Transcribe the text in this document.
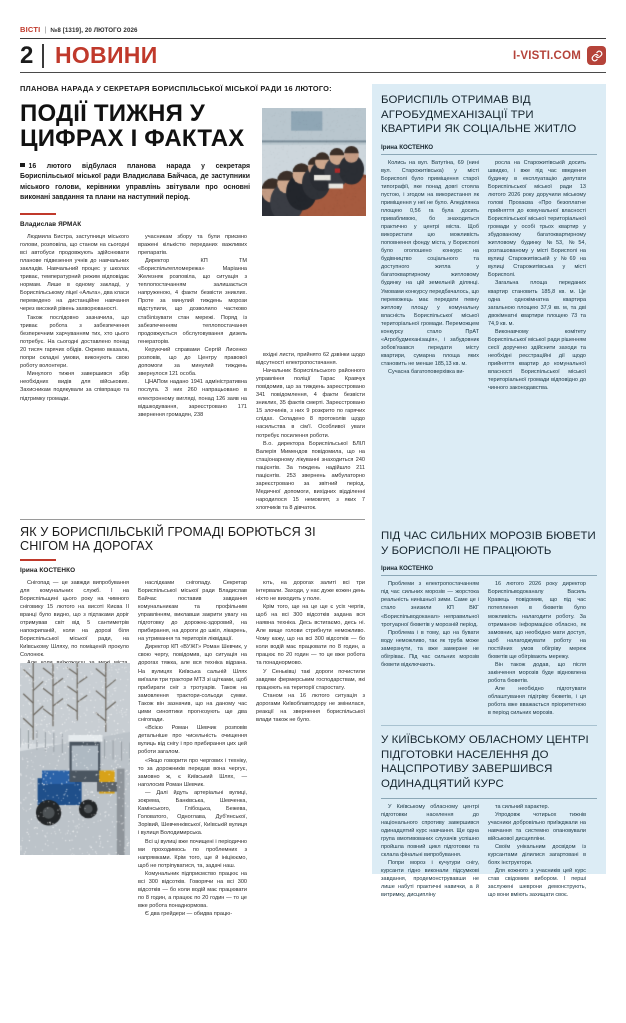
ВІСТІ | №8 [1319], 20 ЛЮТОГО 2026
2 НОВИНИ	I-VISTI.COM
ПЛАНОВА НАРАДА У СЕКРЕТАРЯ БОРИСПІЛЬСЬКОЇ МІСЬКОЇ РАДИ 16 ЛЮТОГО:
ПОДІЇ ТИЖНЯ У
ЦИФРАХ І ФАКТАХ
16 лютого відбулася планова нарада у секретаря Бориспільської міської ради Владислава Байчаса, де заступники міського голови, керівники управлінь звітували про основні виконані завдання та плани на наступний період.
Владислав ЯРМАК

Людмила Бистра, заступниця міського голови, розповіла, що станом на сьогодні всі автобуси продовжують здійснювати планове підвезення учнів до навчальних закладів. Навчальний процес у школах триває, температурний режим відповідає нормам. Лише в одному закладі, у Бориспільському ліцеї «Альта», два класи переведено на дистанційне навчання через високий рівень захворюваності.

Також послідовно зазначила, що триває робота з забезпечення безперечним харчуванням тих, хто цього потребує. На сьогодні доставлено понад 20 тисяч гарячих обідів. Окремо вказала, попри складні умови, виконують свою роботу волонтери.

Минулого тижня завершився збір необхідних видів для військових. Захисникам подякували за співпрацю та підтримку громади.

учасникам збору та були приємно вражені кількістю переданих важливих препаратів.

Директор КП ТМ «Бориспільтепломережа» Маріанна Железняк розповіла, що ситуація з теплопостачанням залишається напруженою, 4 факти безвісти зниклих. Проте за минулий тиждень морози відступили, що дозволило частково стабілізувати стан мережі. Поряд із забезпеченням теплопостачання продовжується обслуговування дизель генераторів.

Керуючий справами Сергій Лисенко розповів, що до Центру правової допомоги за минулий тиждень звернулося 121 особа.

ЦНАПом надано 1941 адміністративна послуга. З них 260 напрацьовано в електронному вигляді, понад 126 заяв на відшкодування, зареєстровано 171 звернення громадян, 238

вхідні листи, прийнято 62 дзвінки щодо відсутності електропостачання.

Начальник Бориспільського районного управління поліції Тарас Кравчук повідомив, що за тиждень зареєстровано 341 повідомлення, 4 факти безвісти зниклих, 35 фактів смерті. Зареєстровано 15 злочинів, з них 9 розкрито по гарячих слідах. Складено 8 протоколів щодо насильства в сім'ї. Особливої уваги потребує посилення роботи.

В.о. директора Бориспільської БЛІЛ Валерія Мимендов повідомила, що на стаціонарному лікуванні знаходиться 240 пацієнтів. За тиждень надійшло 211 пацієнтів. 253 звернень амбулаторно зареєстровано за звітний період. Медичної допомоги, вихідних відділенні народилося 15 немовлят, з яких 7 хлопчиків та 8 дівчаток.

ЯК У БОРИСПІЛЬСЬКІЙ ГРОМАДІ БОРЮТЬСЯ ЗІ СНІГОМ НА ДОРОГАХ
Ірина КОСТЕНКО

Снігопад — це завжди випробування для комунальних служб. І на Бориспільщині цього року на чимного сніговику 15 лютого на висоті Києва ІІ вранці було видно, що з підтаками доріг отримував світ від 5 сантиметрів напокрипаній, коли на дорозі біля Бориспільської міської ради, на Київському Шляху, по поміщеній прокуло Солонюк.

наслідками снігопаду. Секретар Бориспільської міської ради Владислав Байчас поставив завдання комунальникам та профільним управлінням, виклавши закрити увагу на підготовку до дорожнє-здоровий, на прибирання, на дороги до шкіл, лікарень, на утримання та територія ліквідації.

Директор КП «ВУЖГ» Роман Шевчик, у свою чергу, повідомив, що ситуація на дорогах тяжка, але вся техніка відрана. На вулицях Київська сальній Шлях виїхали три трактори МТЗ зі щітками, щоб прибирати сніг з тротуарів. Також на замовлення трактори-сольоди сумки. Також він зазначив, що на даному час цими синоптики прогнозують ще два снігопади.

«Всією Роман Шевчик розповів детальніше про чисельність очищення вулиць від снігу і про прибирання цих цей роботи загалом.

«Якщо говорити про чергових і техніку, то за дорожників передав вона чергує, замовно ж, є Київський Шлях, — наголосив Роман Шевчик.

— Далі йдуть артеріальні вулиці, зокрема, Банківська, Шевченка, Камінського, Глібоцька, Бежева, Головатого, Одноглава, Дуб'янської, Зорівий, Шевченківської, Київській вулиця і вулиця Володимирська.

Всі ці вулиці вже почищені і періодично ми проходимось по проблемних з напрямками. Крім того, ще й ініціюємо, щоб не потріпуватися, та, задачі наш.

Комунальник підприємство працює на всі 300 відсотків. Говорячи на всі 300 відсотків — бо коли водій має працювати по 8 годин, а працює по 20 годин — то це вже робота понаднормова.

Є два грейдери — обидва працю-

ють, на дорогах залиті всі три інтервали. Заходи, у нас дуже кожен день ніхто не виходить у поле.

Крім того, ще на це ще є усіх чергів, щоб на всі 300 відсотків задана вся наявна техніка. Десь встигаємо, десь ні. Але вище голови стрибнути неможливо. Чому кажу, що на всі 300 відсотків — бо коли водій має працювати по 8 годин, а працює по 20 годин — то це вже робота та понаднормово.

У Сеньківці такі дороги почистили завдяки фермерським господарствам, які працюють на території старостату.

Станом на 16 лютого ситуація з дорогами Київоблавтодору не змінилася, реакції на звернення бориспільської влади також не було.

БОРИСПІЛЬ ОТРИМАВ ВІД АГРОБУДМЕХАНІЗАЦІЇ ТРИ КВАРТИРИ ЯК СОЦІАЛЬНЕ ЖИТЛО
Ірина КОСТЕНКО

Колись на вул. Ватутіна, 69 (нині вул. Старожитівська) у місті Борисполі було приміщення старої типографії, яке понад довгі стояла пустою, і згодом на використання як приміщення у неї не було. Аледілянка площею 0,56 га була досить привабливою, бо знаходиться практично у центрі міста. Щоб використати цю можливість поповнення фонду міста, у Борисполі було оголошено конкурс на будівництво соціального та доступного житла у багатоквартирному житловому будинку на цій земельній ділянці. Умовами конкурсу передбачалось, що переможець має передати певну житлову площу у комунальну власність Бориспільської міської територіальної громади. Переможцем конкурсу стало ПрАТ «Агробудмеханізація», і забудовник зобов'язався передати місту квартири, сумарна площа яких становить не менше 185,13 кв. м.

Сучасна багатоповерхівка ви-

росла на Старожитівській досить швидко, і вже під час введення будинку в експлуатацію депутати Бориспільської міської ради 13 лютого 2026 року доручили міському голові Прохаєва «Про безоплатне прийняття до комунальної власності Бориспільської міської територіальної громади у особі трьох квартир у збудованому багатоквартирному житловому будинку №53, №54, розташованому у місті Борисполі на вулиці Старожитівській у №69 на вулиці Старожитівська у місті Борисполі.

Загальна площа переданих квартир становить 185,8 кв. м. Це одна однокімнатна квартира загальною площею 37,9 кв. м, та дві двокімнатні квартири площею 73 та 74,9 кв. м.

Виконавчому комітету Бориспільської міської ради рішенням сесії доручено здійснити заходи та необхідні реєстраційні дії щодо прийняття квартир до комунальної власності Бориспільської міської територіальної громади відповідно до чинного законодавства.

ПІД ЧАС СИЛЬНИХ МОРОЗІВ БЮВЕТИ У БОРИСПОЛІ НЕ ПРАЦЮЮТЬ
Ірина КОСТЕНКО

Проблеми з електропостачанням під час сильних морозів — жорстока реальність нинішньої зими. Саме це і стало знизили КП ВКГ «Бориспільводоканал» неправильної тротуарної бюветів у морозній період.

Проблема і в тому, що на бувати воду неможливо, так як труба може замерзнути, та вже замерзне не обігріває. Під час сильних морозів бювети відключають.

16 лютого 2026 року директор Бориспільводоканалу Василь Кравець повідомив, що під час потеплення в бюветів було можливість налагодити роботу. За отриманою інформацією обласно, як замовник, що необхідно мати доступ, щоб налагоджувати роботу на постійних умов обігріву мереж бюветів ще обігрівають мережу.

Він також додав, що після закінчення морозів буде відновлена робота бюветів.

Але необхідно підготувати облаштування підігріву бюветів, і ця робота вже вважається пріоритетною в період сильних морозів.

У КИЇВСЬКОМУ ОБЛАСНОМУ ЦЕНТРІ ПІДГОТОВКИ НАСЕЛЕННЯ ДО НАЦСПРОТИВУ ЗАВЕРШИВСЯ ОДИНАДЦЯТИЙ КУРС

У Київському обласному центрі підготовки населення до національного спротиву завершився одинадцятий курс навчання. Ще одна група вмотивованих слухачів успішно пройшла повний цикл підготовки та склала фінальні випробування.

Попри мороз і кучугури снігу, курсанти гідно виконали підсумкові завдання, продемонструвавши не лише набуті практичні навички, а й витримку, дисципліну

та сильний характер.

Упродовж чотирьох тижнів учасники добровільно приїжджали на навчання та системно опановували військової дисципліни.

Своїм унікальним досвідом із курсантами ділилися загартовані в боях інструктори.

Для кожного з учасників цей курс став свідомим вибором. І перші заслужені шеврони демонструють, що вони вміють захищати своє.
